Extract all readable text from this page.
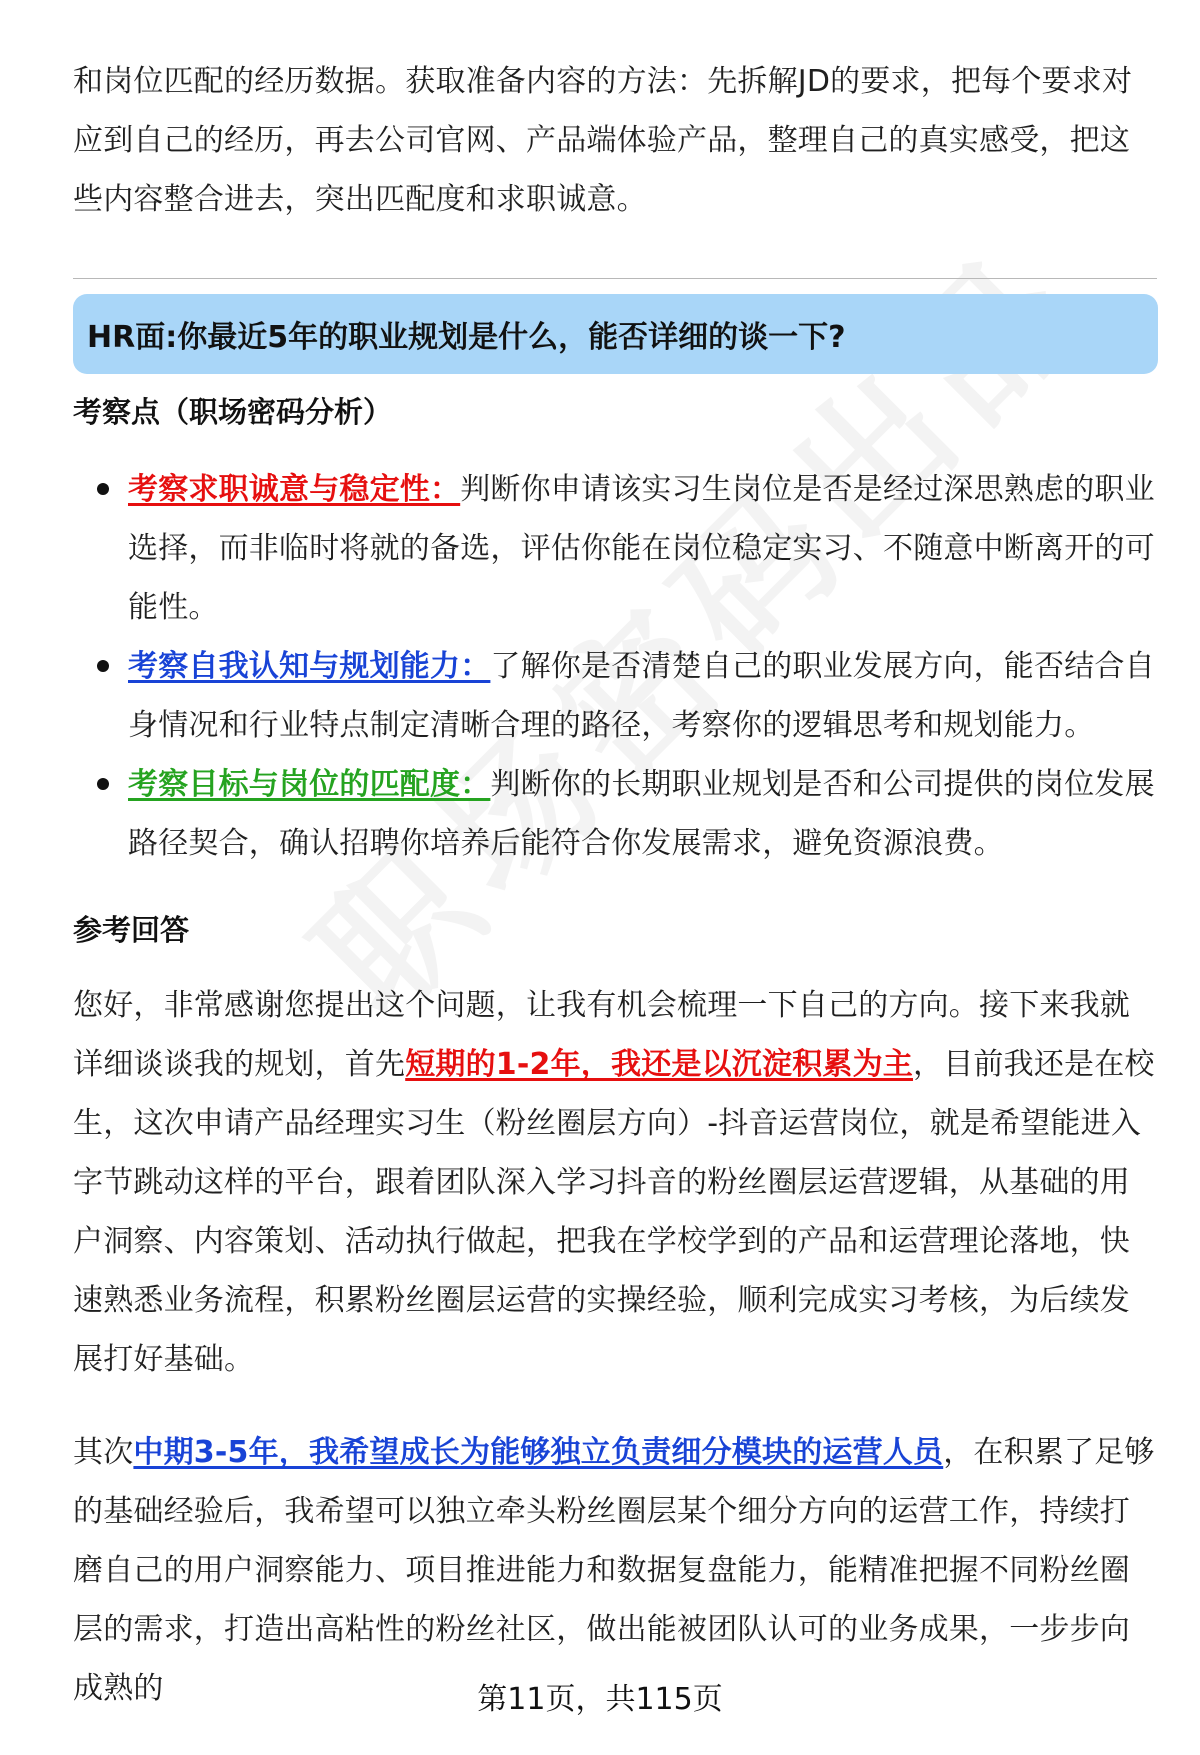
和岗位匹配的经历数据。获取准备内容的方法：先拆解JD的要求，把每个要求对应到自己的经历，再去公司官网、产品端体验产品，整理自己的真实感受，把这些内容整合进去，突出匹配度和求职诚意。

HR面:你最近5年的职业规划是什么，能否详细的谈一下?
考察点（职场密码分析）

考察求职诚意与稳定性：判断你申请该实习生岗位是否是经过深思熟虑的职业选择，而非临时将就的备选，评估你能在岗位稳定实习、不随意中断离开的可能性。

考察自我认知与规划能力：了解你是否清楚自己的职业发展方向，能否结合自身情况和行业特点制定清晰合理的路径，考察你的逻辑思考和规划能力。

考察目标与岗位的匹配度：判断你的长期职业规划是否和公司提供的岗位发展路径契合，确认招聘你培养后能符合你发展需求，避免资源浪费。

参考回答

您好，非常感谢您提出这个问题，让我有机会梳理一下自己的方向。接下来我就详细谈谈我的规划，首先短期的1-2年，我还是以沉淀积累为主，目前我还是在校生，这次申请产品经理实习生（粉丝圈层方向）-抖音运营岗位，就是希望能进入字节跳动这样的平台，跟着团队深入学习抖音的粉丝圈层运营逻辑，从基础的用户洞察、内容策划、活动执行做起，把我在学校学到的产品和运营理论落地，快速熟悉业务流程，积累粉丝圈层运营的实操经验，顺利完成实习考核，为后续发展打好基础。

其次中期3-5年，我希望成长为能够独立负责细分模块的运营人员，在积累了足够的基础经验后，我希望可以独立牵头粉丝圈层某个细分方向的运营工作，持续打磨自己的用户洞察能力、项目推进能力和数据复盘能力，能精准把握不同粉丝圈层的需求，打造出高粘性的粉丝社区，做出能被团队认可的业务成果，一步步向成熟的	第11页，共115页
